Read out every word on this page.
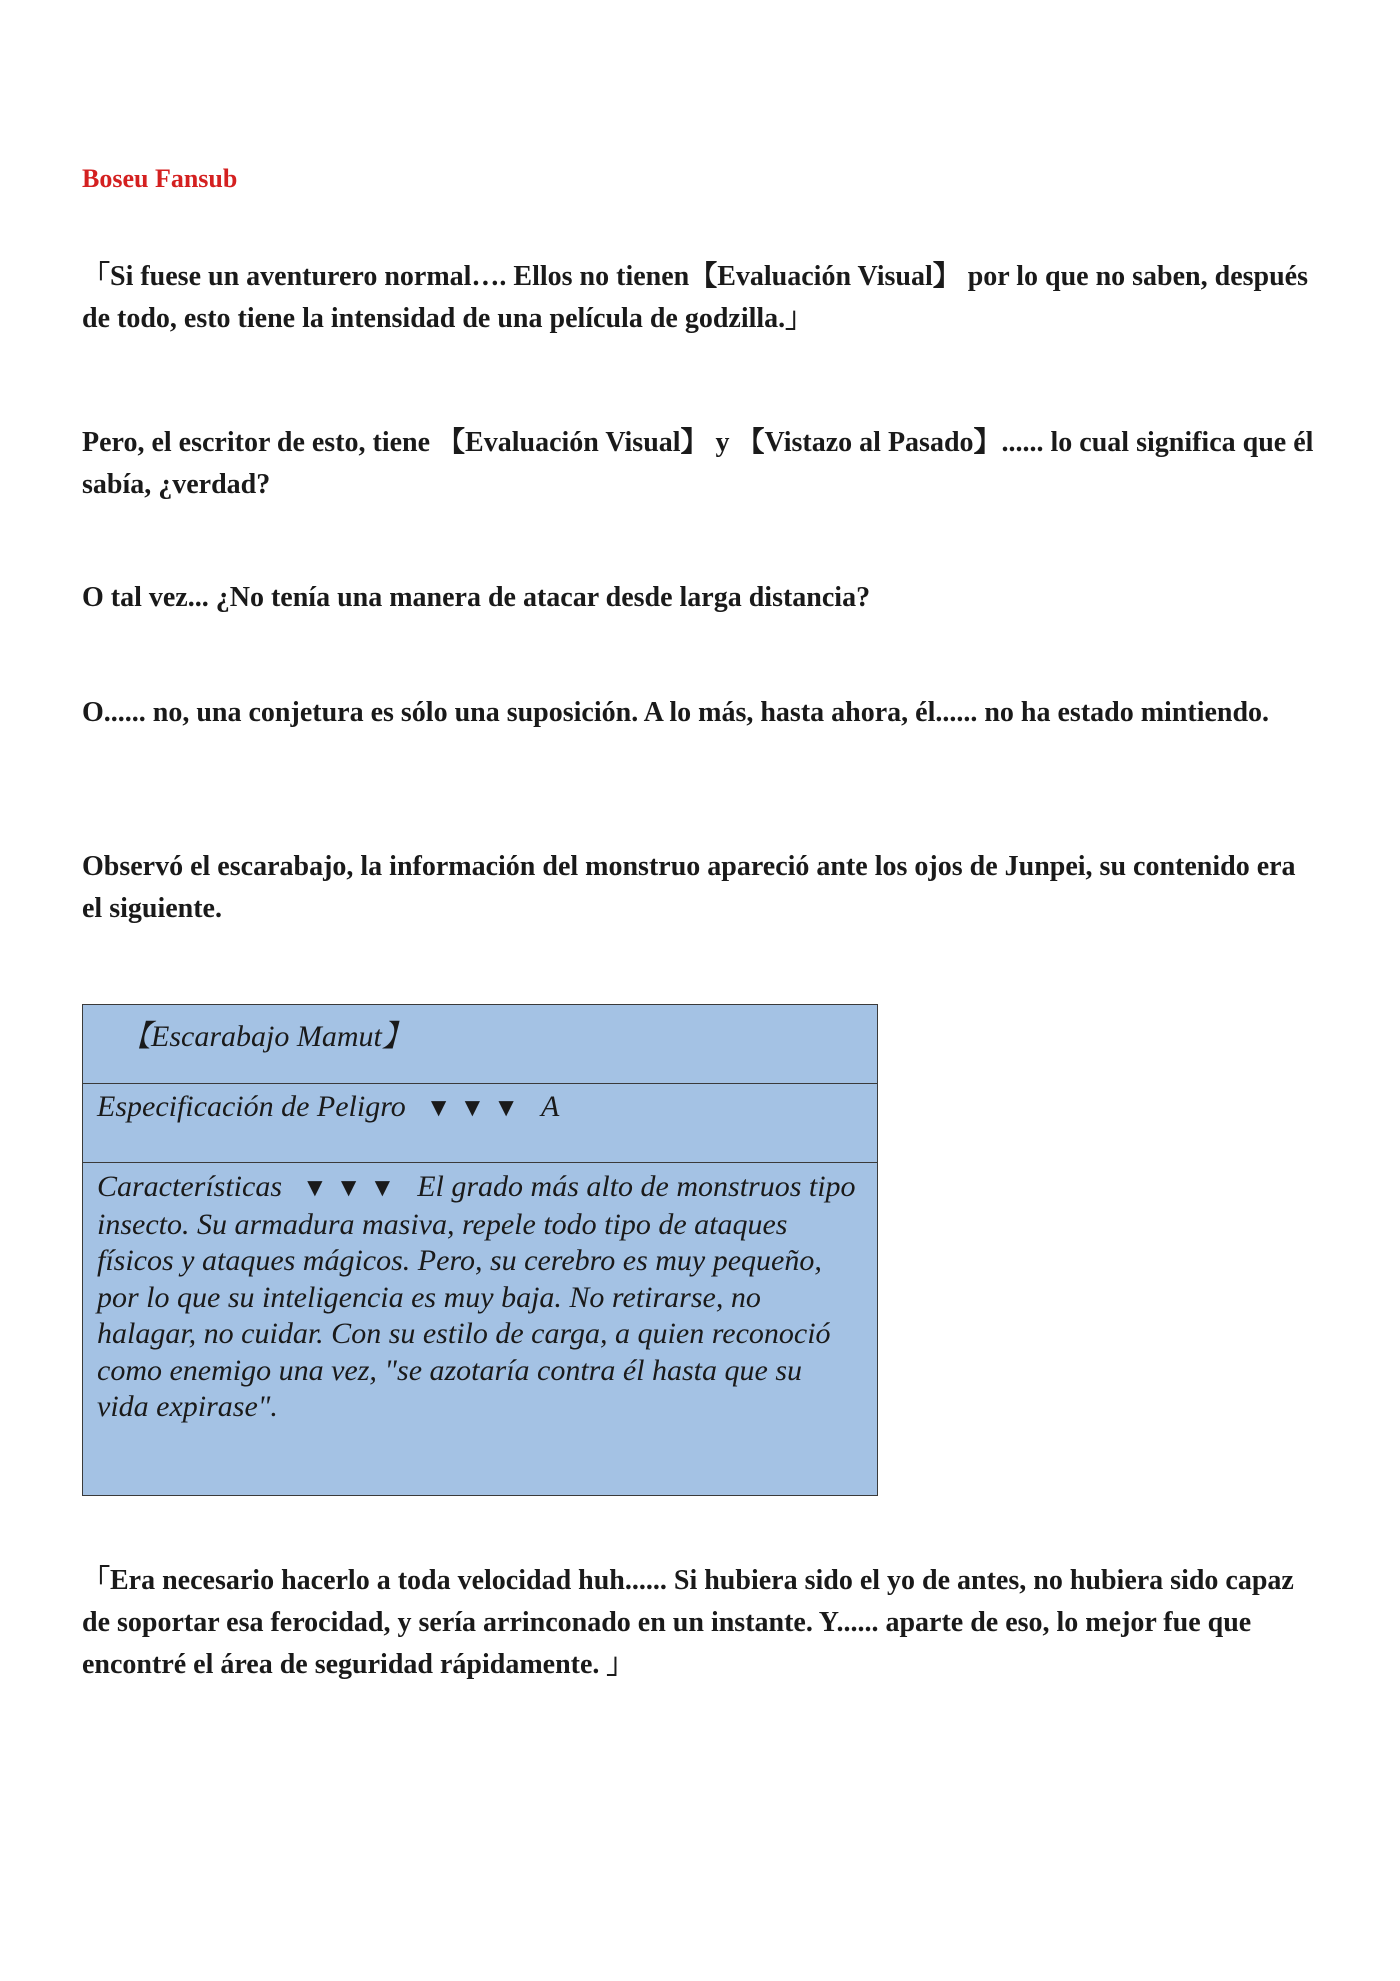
Boseu Fansub

「Si fuese un aventurero normal…. Ellos no tienen【Evaluación Visual】 por lo que no saben, después de todo, esto tiene la intensidad de una película de godzilla.」

Pero, el escritor de esto, tiene 【Evaluación Visual】 y 【Vistazo al Pasado】...... lo cual significa que él sabía, ¿verdad?

O tal vez... ¿No tenía una manera de atacar desde larga distancia?

O...... no, una conjetura es sólo una suposición. A lo más, hasta ahora, él...... no ha estado mintiendo.

Observó el escarabajo, la información del monstruo apareció ante los ojos de Junpei, su contenido era el siguiente.

【Escarabajo Mamut】
Especificación de Peligro ▼▼▼ A
Características ▼▼▼ El grado más alto de monstruos tipo insecto. Su armadura masiva, repele todo tipo de ataques físicos y ataques mágicos. Pero, su cerebro es muy pequeño, por lo que su inteligencia es muy baja. No retirarse, no halagar, no cuidar. Con su estilo de carga, a quien reconoció como enemigo una vez, "se azotaría contra él hasta que su vida expirase".

「Era necesario hacerlo a toda velocidad huh...... Si hubiera sido el yo de antes, no hubiera sido capaz de soportar esa ferocidad, y sería arrinconado en un instante. Y...... aparte de eso, lo mejor fue que encontré el área de seguridad rápidamente. 」
